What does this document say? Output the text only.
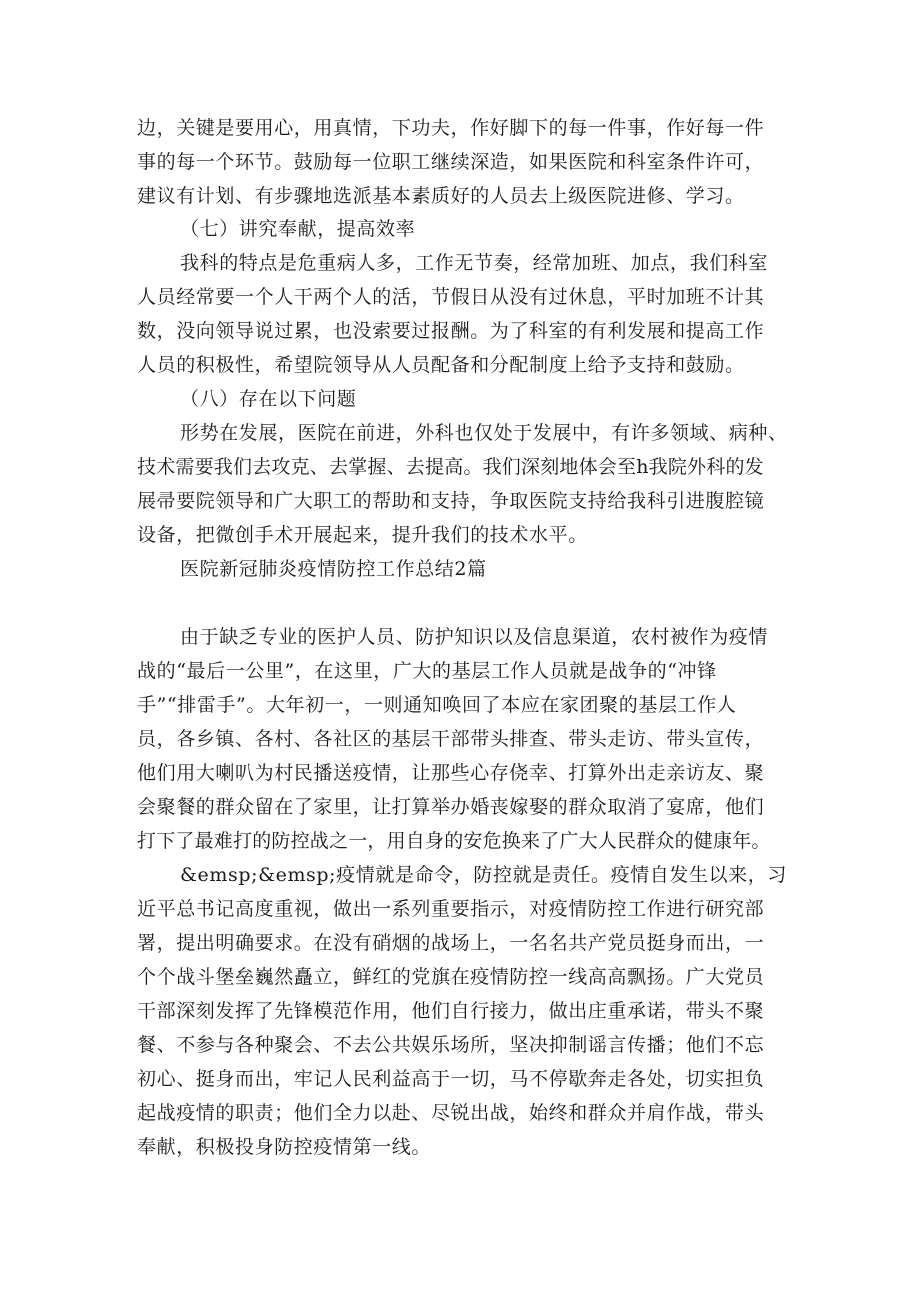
边，关键是要用心，用真情，下功夫，作好脚下的每一件事，作好每一件
事的每一个环节。鼓励每一位职工继续深造，如果医院和科室条件许可，
建议有计划、有步骤地选派基本素质好的人员去上级医院进修、学习。
（七）讲究奉献，提高效率
我科的特点是危重病人多，工作无节奏，经常加班、加点，我们科室
人员经常要一个人干两个人的活，节假日从没有过休息，平时加班不计其
数，没向领导说过累，也没索要过报酬。为了科室的有利发展和提高工作
人员的积极性，希望院领导从人员配备和分配制度上给予支持和鼓励。
（八）存在以下问题
形势在发展，医院在前进，外科也仅处于发展中，有许多领域、病种、
技术需要我们去攻克、去掌握、去提高。我们深刻地体会至h我院外科的发
展帚要院领导和广大职工的帮助和支持，争取医院支持给我科引进腹腔镜
设备，把微创手术开展起来，提升我们的技术水平。
医院新冠肺炎疫情防控工作总结2篇
由于缺乏专业的医护人员、防护知识以及信息渠道，农村被作为疫情
战的“最后一公里”，在这里，广大的基层工作人员就是战争的“冲锋
手”“排雷手”。大年初一，一则通知唤回了本应在家团聚的基层工作人
员，各乡镇、各村、各社区的基层干部带头排查、带头走访、带头宣传，
他们用大喇叭为村民播送疫情，让那些心存侥幸、打算外出走亲访友、聚
会聚餐的群众留在了家里，让打算举办婚丧嫁娶的群众取消了宴席，他们
打下了最难打的防控战之一，用自身的安危换来了广大人民群众的健康年。
&emsp;&emsp;疫情就是命令，防控就是责任。疫情自发生以来，习
近平总书记高度重视，做出一系列重要指示，对疫情防控工作进行研究部
署，提出明确要求。在没有硝烟的战场上，一名名共产党员挺身而出，一
个个战斗堡垒巍然矗立，鲜红的党旗在疫情防控一线高高飘扬。广大党员
干部深刻发挥了先锋模范作用，他们自行接力，做出庄重承诺，带头不聚
餐、不参与各种聚会、不去公共娱乐场所，坚决抑制谣言传播；他们不忘
初心、挺身而出，牢记人民利益高于一切，马不停歇奔走各处，切实担负
起战疫情的职责；他们全力以赴、尽锐出战，始终和群众并肩作战，带头
奉献，积极投身防控疫情第一线。
